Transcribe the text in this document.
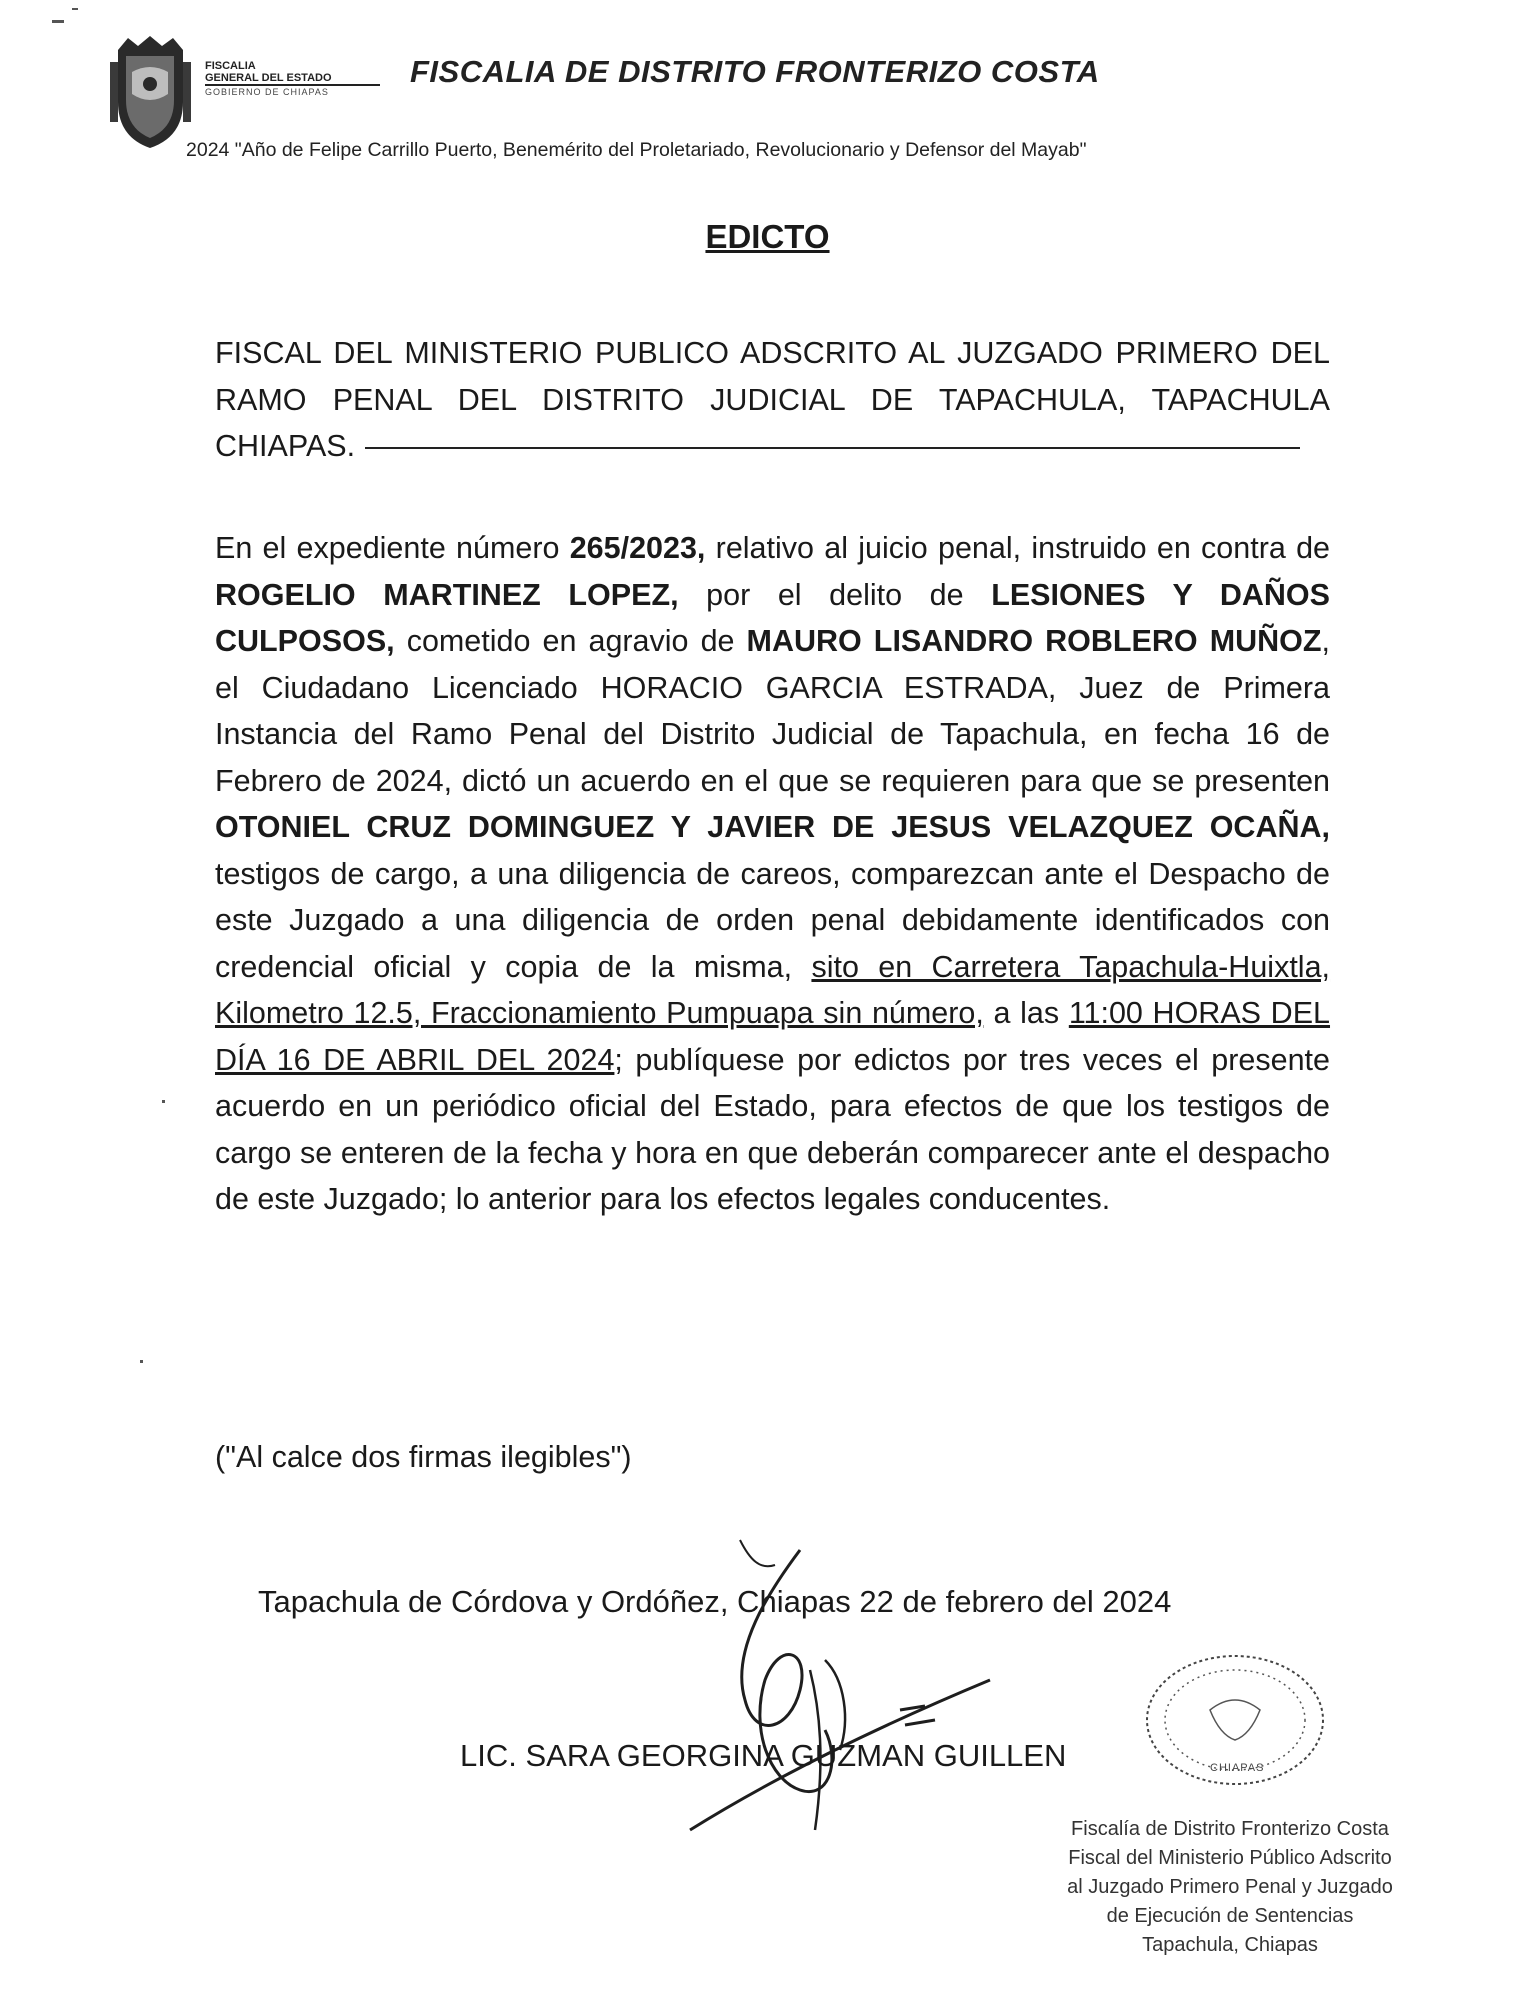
FISCALIA
GENERAL DEL ESTADO
GOBIERNO DE CHIAPAS
FISCALIA DE DISTRITO FRONTERIZO COSTA
2024 "Año de Felipe Carrillo Puerto, Benemérito del Proletariado, Revolucionario y Defensor del Mayab"
EDICTO
FISCAL DEL MINISTERIO PUBLICO ADSCRITO AL JUZGADO PRIMERO DEL RAMO PENAL DEL DISTRITO JUDICIAL DE TAPACHULA, TAPACHULA CHIAPAS.
En el expediente número 265/2023, relativo al juicio penal, instruido en contra de ROGELIO MARTINEZ LOPEZ, por el delito de LESIONES Y DAÑOS CULPOSOS, cometido en agravio de MAURO LISANDRO ROBLERO MUÑOZ, el Ciudadano Licenciado HORACIO GARCIA ESTRADA, Juez de Primera Instancia del Ramo Penal del Distrito Judicial de Tapachula, en fecha 16 de Febrero de 2024, dictó un acuerdo en el que se requieren para que se presenten OTONIEL CRUZ DOMINGUEZ Y JAVIER DE JESUS VELAZQUEZ OCAÑA, testigos de cargo, a una diligencia de careos, comparezcan ante el Despacho de este Juzgado a una diligencia de orden penal debidamente identificados con credencial oficial y copia de la misma, sito en Carretera Tapachula-Huixtla, Kilometro 12.5, Fraccionamiento Pumpuapa sin número, a las 11:00 HORAS DEL DÍA 16 DE ABRIL DEL 2024; publíquese por edictos por tres veces el presente acuerdo en un periódico oficial del Estado, para efectos de que los testigos de cargo se enteren de la fecha y hora en que deberán comparecer ante el despacho de este Juzgado; lo anterior para los efectos legales conducentes.
("Al calce dos firmas ilegibles")
Tapachula de Córdova y Ordóñez, Chiapas 22 de febrero del 2024
LIC. SARA GEORGINA GUZMAN GUILLEN	CHIAPAS
Fiscalía de Distrito Fronterizo Costa
Fiscal del Ministerio Público Adscrito
al Juzgado Primero Penal y Juzgado
de Ejecución de Sentencias
Tapachula, Chiapas
